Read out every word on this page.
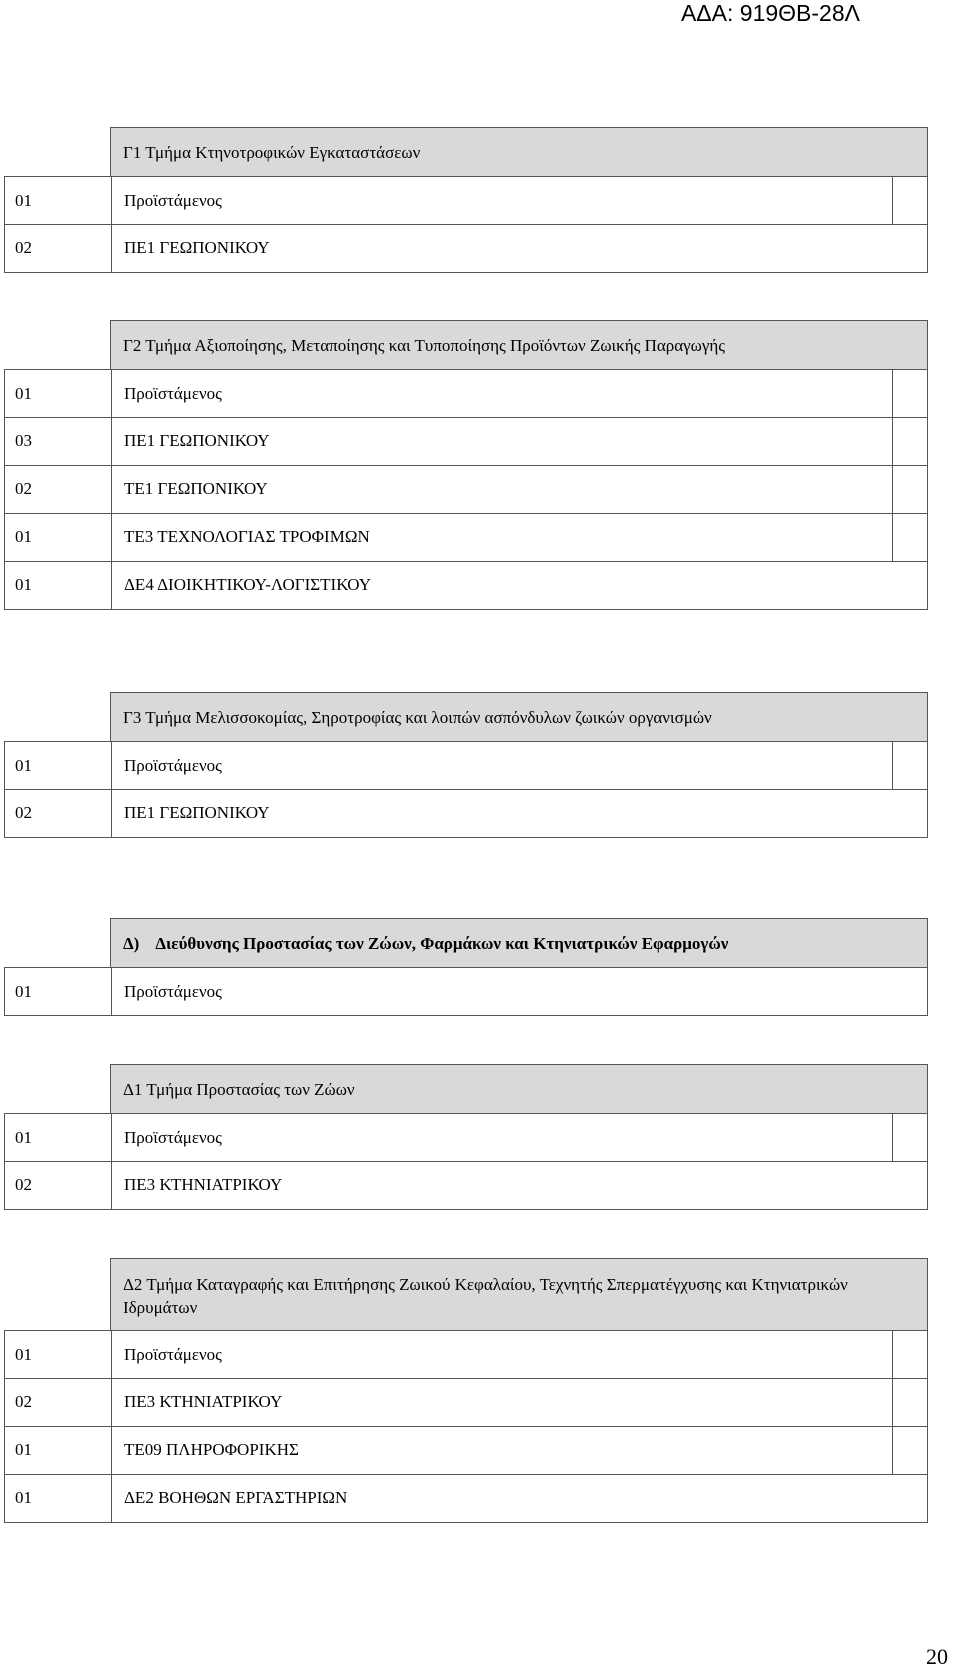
ΑΔΑ: 919ΘΒ-28Λ
Γ1 Τμήμα Κτηνοτροφικών Εγκαταστάσεων
01	Προϊστάμενος
02	ΠΕ1 ΓΕΩΠΟΝΙΚΟΥ
Γ2 Τμήμα Αξιοποίησης, Μεταποίησης και Τυποποίησης Προϊόντων Ζωικής Παραγωγής
01	Προϊστάμενος
03	ΠΕ1 ΓΕΩΠΟΝΙΚΟΥ
02	ΤΕ1 ΓΕΩΠΟΝΙΚΟΥ
01	ΤΕ3 ΤΕΧΝΟΛΟΓΙΑΣ ΤΡΟΦΙΜΩΝ
01	ΔΕ4 ΔΙΟΙΚΗΤΙΚΟΥ-ΛΟΓΙΣΤΙΚΟΥ
Γ3 Τμήμα Μελισσοκομίας, Σηροτροφίας και λοιπών ασπόνδυλων ζωικών οργανισμών
01	Προϊστάμενος
02	ΠΕ1 ΓΕΩΠΟΝΙΚΟΥ
Δ)    Διεύθυνσης Προστασίας των Ζώων, Φαρμάκων και Κτηνιατρικών Εφαρμογών
01	Προϊστάμενος
Δ1 Τμήμα Προστασίας των Ζώων
01	Προϊστάμενος
02	ΠΕ3 ΚΤΗΝΙΑΤΡΙΚΟΥ
Δ2 Τμήμα Καταγραφής και Επιτήρησης Ζωικού Κεφαλαίου, Τεχνητής Σπερματέγχυσης και Κτηνιατρικών Ιδρυμάτων
01	Προϊστάμενος
02	ΠΕ3 ΚΤΗΝΙΑΤΡΙΚΟΥ
01	ΤΕ09 ΠΛΗΡΟΦΟΡΙΚΗΣ
01	ΔΕ2 ΒΟΗΘΩΝ ΕΡΓΑΣΤΗΡΙΩΝ
20
